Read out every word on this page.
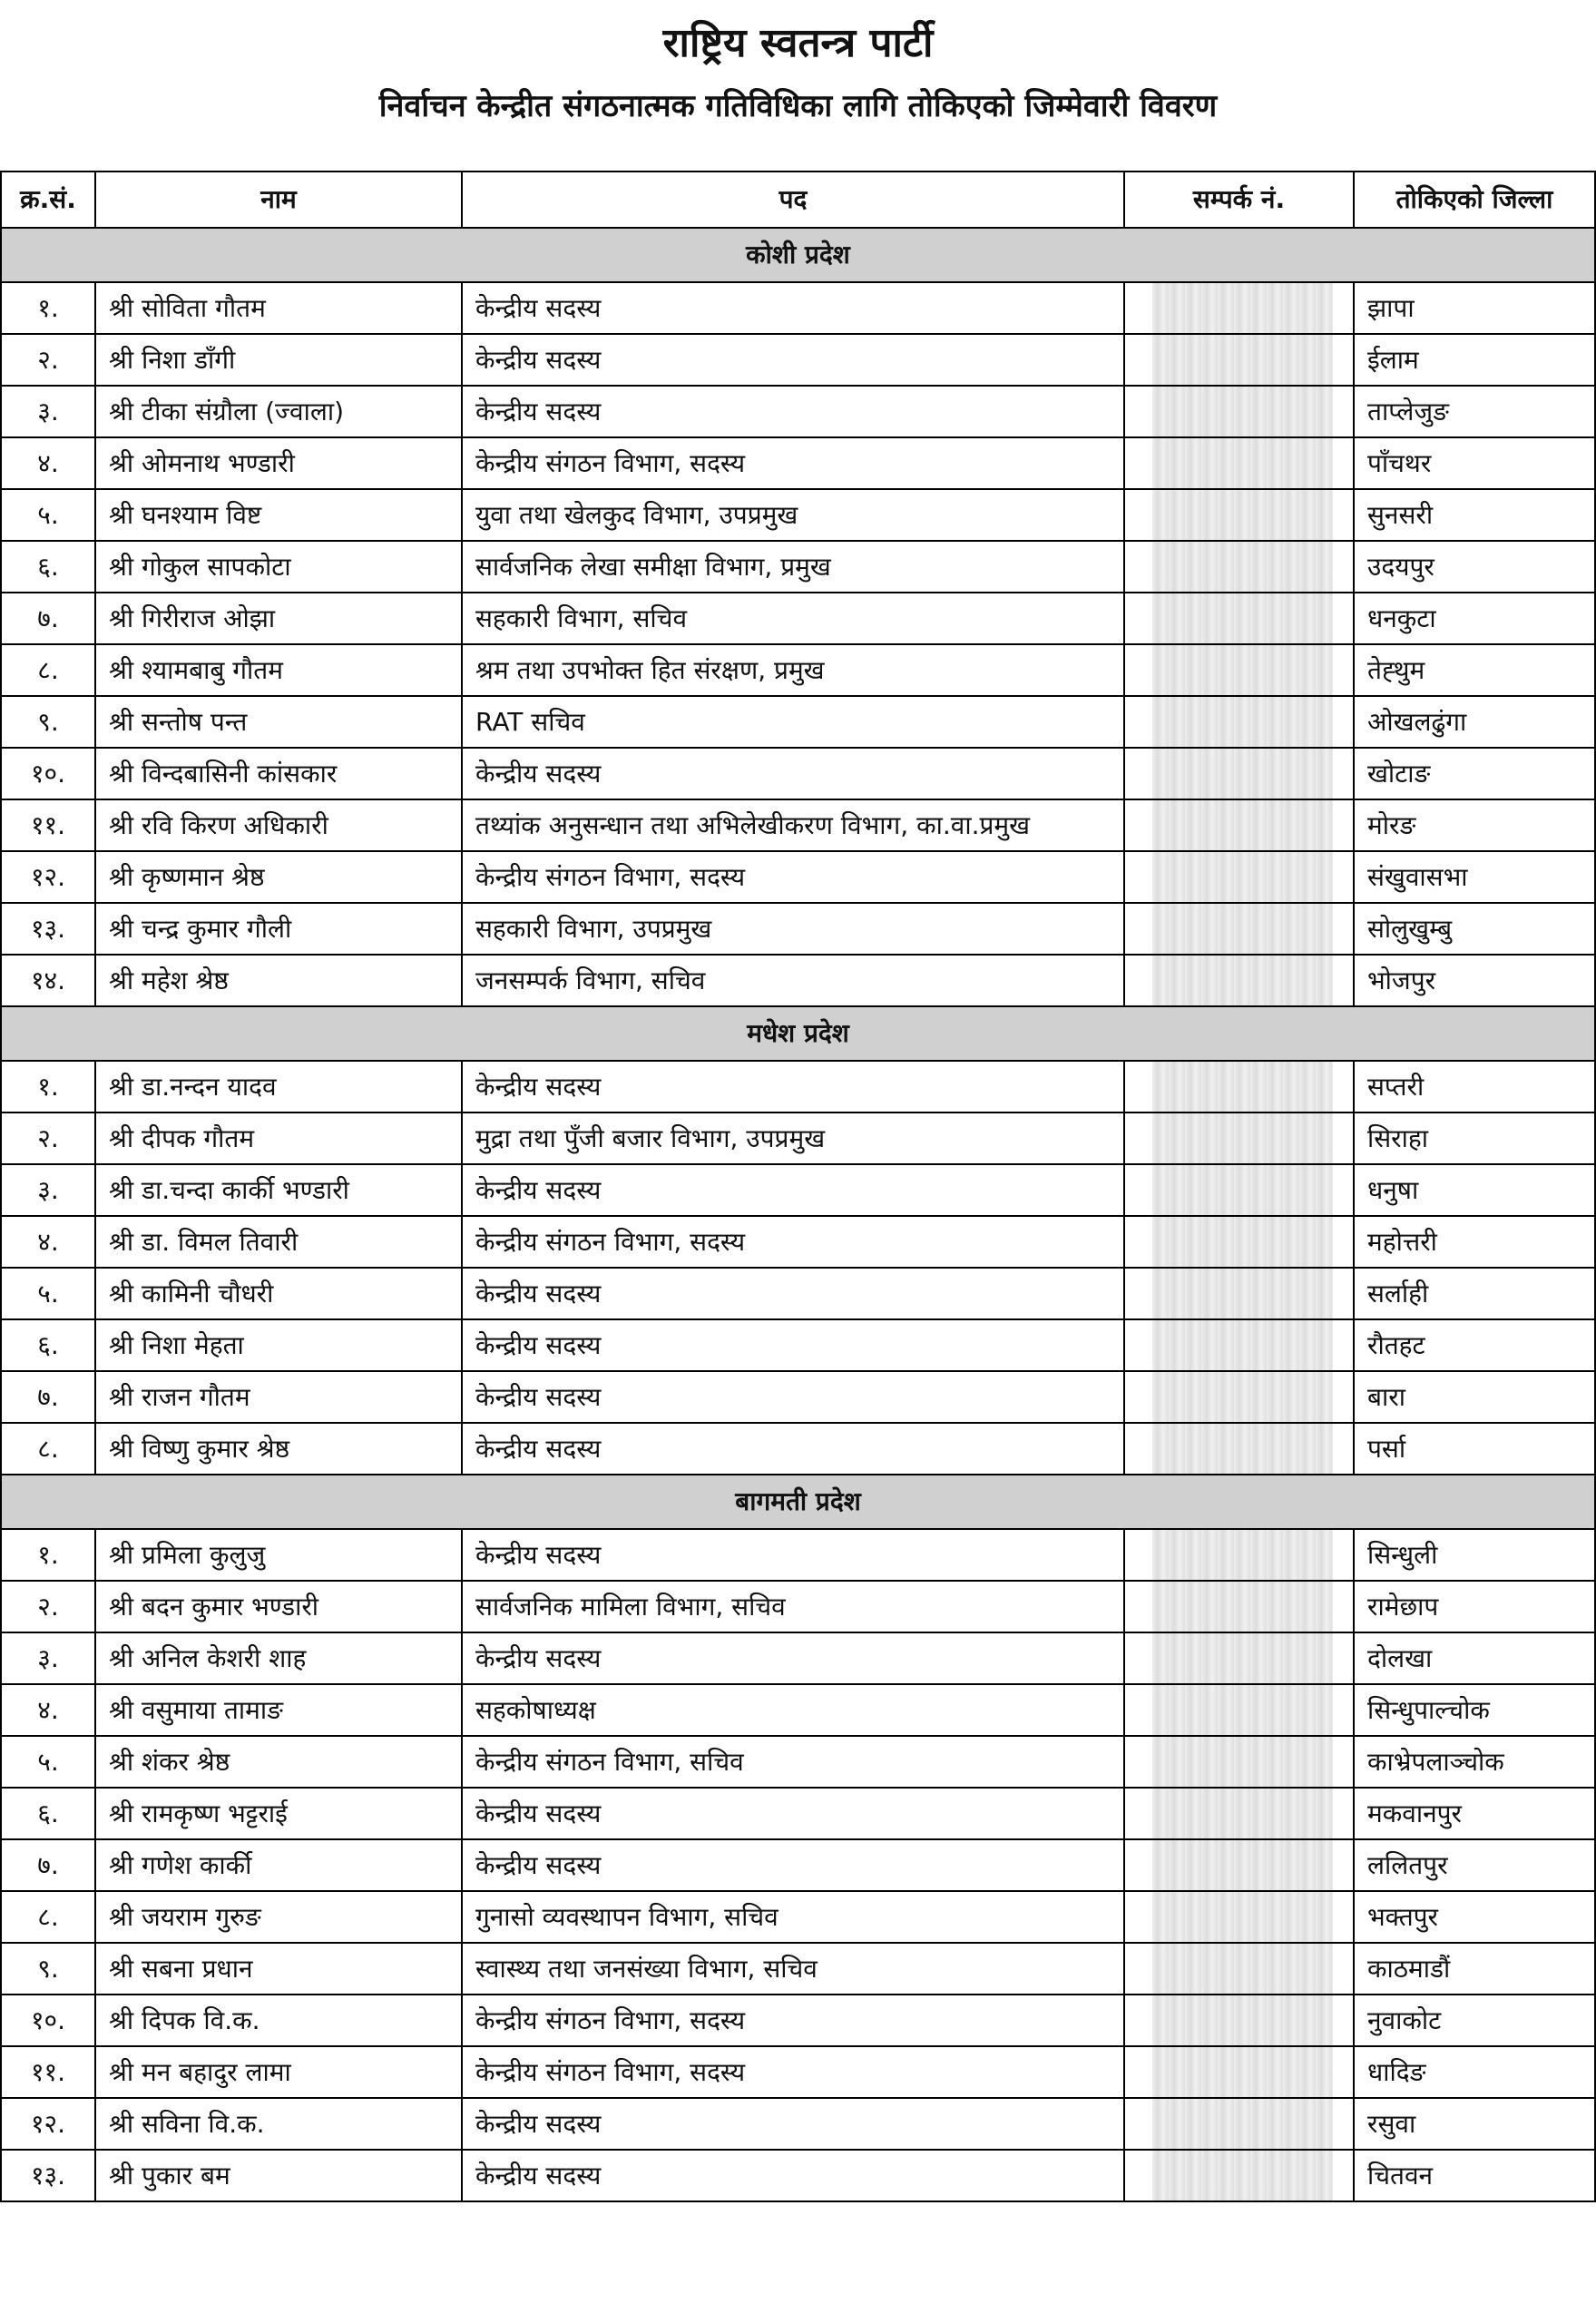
राष्ट्रिय स्वतन्त्र पार्टी
निर्वाचन केन्द्रीत संगठनात्मक गतिविधिका लागि तोकिएको जिम्मेवारी विवरण
क्र.सं.	नाम	पद	सम्पर्क नं.	तोकिएको जिल्ला
कोशी प्रदेश				
१.	श्री सोविता गौतम	केन्द्रीय सदस्य		झापा
२.	श्री निशा डाँगी	केन्द्रीय सदस्य		ईलाम
३.	श्री टीका संग्रौला (ज्वाला)	केन्द्रीय सदस्य		ताप्लेजुङ
४.	श्री ओमनाथ भण्डारी	केन्द्रीय संगठन विभाग, सदस्य		पाँचथर
५.	श्री घनश्याम विष्ट	युवा तथा खेलकुद विभाग, उपप्रमुख		सुनसरी
६.	श्री गोकुल सापकोटा	सार्वजनिक लेखा समीक्षा विभाग, प्रमुख		उदयपुर
७.	श्री गिरीराज ओझा	सहकारी विभाग, सचिव		धनकुटा
८.	श्री श्यामबाबु गौतम	श्रम तथा उपभोक्त हित संरक्षण, प्रमुख		तेह्थुम
९.	श्री सन्तोष पन्त	RAT सचिव		ओखलढुंगा
१०.	श्री विन्दबासिनी कांसकार	केन्द्रीय सदस्य		खोटाङ
११.	श्री रवि किरण अधिकारी	तथ्यांक अनुसन्धान तथा अभिलेखीकरण विभाग, का.वा.प्रमुख		मोरङ
१२.	श्री कृष्णमान श्रेष्ठ	केन्द्रीय संगठन विभाग, सदस्य		संखुवासभा
१३.	श्री चन्द्र कुमार गौली	सहकारी विभाग, उपप्रमुख		सोलुखुम्बु
१४.	श्री महेश श्रेष्ठ	जनसम्पर्क विभाग, सचिव		भोजपुर
मधेश प्रदेश				
१.	श्री डा.नन्दन यादव	केन्द्रीय सदस्य		सप्तरी
२.	श्री दीपक गौतम	मुद्रा तथा पुँजी बजार विभाग, उपप्रमुख		सिराहा
३.	श्री डा.चन्दा कार्की भण्डारी	केन्द्रीय सदस्य		धनुषा
४.	श्री डा. विमल तिवारी	केन्द्रीय संगठन विभाग, सदस्य		महोत्तरी
५.	श्री कामिनी चौधरी	केन्द्रीय सदस्य		सर्लाही
६.	श्री निशा मेहता	केन्द्रीय सदस्य		रौतहट
७.	श्री राजन गौतम	केन्द्रीय सदस्य		बारा
८.	श्री विष्णु कुमार श्रेष्ठ	केन्द्रीय सदस्य		पर्सा
बागमती प्रदेश				
१.	श्री प्रमिला कुलुजु	केन्द्रीय सदस्य		सिन्धुली
२.	श्री बदन कुमार भण्डारी	सार्वजनिक मामिला विभाग, सचिव		रामेछाप
३.	श्री अनिल केशरी शाह	केन्द्रीय सदस्य		दोलखा
४.	श्री वसुमाया तामाङ	सहकोषाध्यक्ष		सिन्धुपाल्चोक
५.	श्री शंकर श्रेष्ठ	केन्द्रीय संगठन विभाग, सचिव		काभ्रेपलाञ्चोक
६.	श्री रामकृष्ण भट्टराई	केन्द्रीय सदस्य		मकवानपुर
७.	श्री गणेश कार्की	केन्द्रीय सदस्य		ललितपुर
८.	श्री जयराम गुरुङ	गुनासो व्यवस्थापन विभाग, सचिव		भक्तपुर
९.	श्री सबना प्रधान	स्वास्थ्य तथा जनसंख्या विभाग, सचिव		काठमाडौं
१०.	श्री दिपक वि.क.	केन्द्रीय संगठन विभाग, सदस्य		नुवाकोट
११.	श्री मन बहादुर लामा	केन्द्रीय संगठन विभाग, सदस्य		धादिङ
१२.	श्री सविना वि.क.	केन्द्रीय सदस्य		रसुवा
१३.	श्री पुकार बम	केन्द्रीय सदस्य		चितवन
